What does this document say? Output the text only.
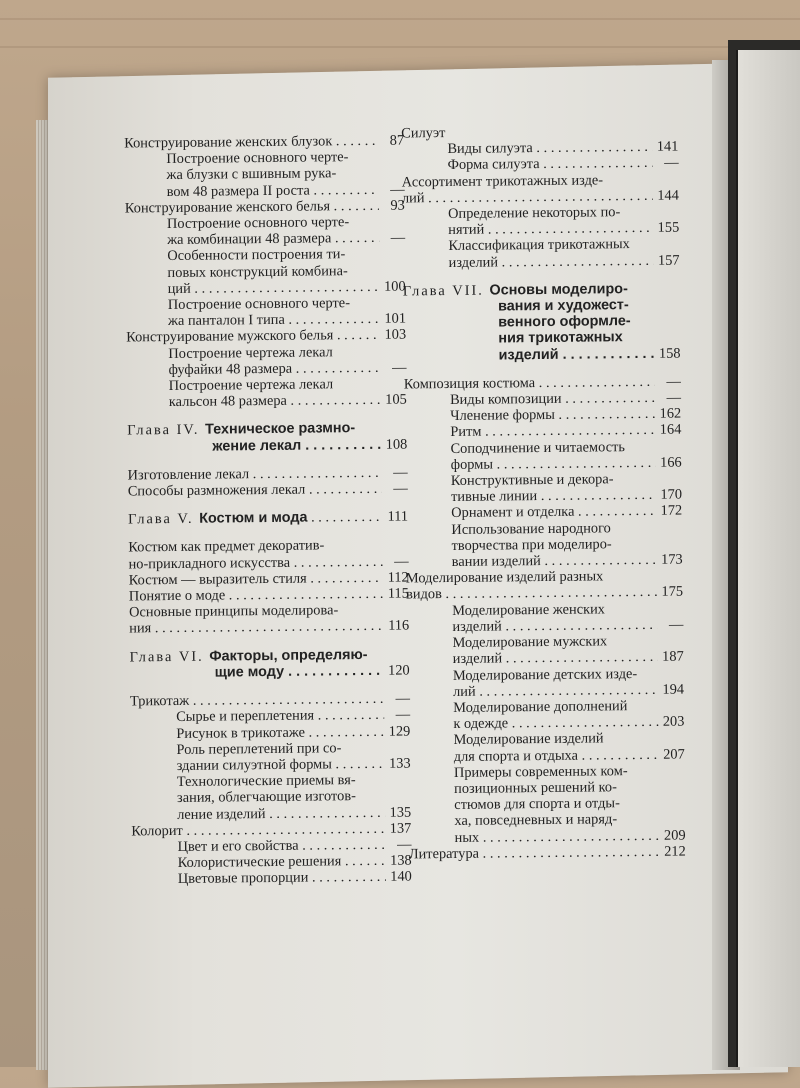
Конструирование женских блузок . . .	87
Построение основного черте-
жа блузки с вшивным рука-
вом 48 размера II роста . . .	—
Конструирование женского белья . . .	93
Построение основного черте-
жа комбинации 48 размера . . .	—
Особенности построения ти-
повых конструкций комбина-
ций . . .	100
Построение основного черте-
жа панталон I типа . . .	101
Конструирование мужского белья . . .	103
Построение чертежа лекал
фуфайки 48 размера . . .	—
Построение чертежа лекал
кальсон 48 размера . . .	105
Глава IV. Техническое размно-
жение лекал . . .	108
Изготовление лекал . . .	—
Способы размножения лекал . . .	—
Глава V. Костюм и мода . . .	111
Костюм как предмет декоратив-
но-прикладного искусства . . .	—
Костюм — выразитель стиля . . .	112
Понятие о моде . . .	115
Основные принципы моделирова-
ния . . .	116
Глава VI. Факторы, определяю-
щие моду . . .	120
Трикотаж . . .	—
Сырье и переплетения . . .	—
Рисунок в трикотаже . . .	129
Роль переплетений при со-
здании силуэтной формы . . .	133
Технологические приемы вя-
зания, облегчающие изготов-
ление изделий . . .	135
Колорит . . .	137
Цвет и его свойства . . .	—
Колористические решения . . .	138
Цветовые пропорции . . .	140
Силуэт
Виды силуэта . . .	141
Форма силуэта . . .	—
Ассортимент трикотажных изде-
лий . . .	144
Определение некоторых по-
нятий . . .	155
Классификация трикотажных
изделий . . .	157
Глава VII. Основы моделиро-
вания и художест-
венного оформле-
ния трикотажных
изделий . . .	158
Композиция костюма . . .	—
Виды композиции . . .	—
Членение формы . . .	162
Ритм . . .	164
Соподчинение и читаемость
формы . . .	166
Конструктивные и декора-
тивные линии . . .	170
Орнамент и отделка . . .	172
Использование народного
творчества при моделиро-
вании изделий . . .	173
Моделирование изделий разных
видов . . .	175
Моделирование женских
изделий . . .	—
Моделирование мужских
изделий . . .	187
Моделирование детских изде-
лий . . .	194
Моделирование дополнений
к одежде . . .	203
Моделирование изделий
для спорта и отдыха . . .	207
Примеры современных ком-
позиционных решений ко-
стюмов для спорта и отды-
ха, повседневных и наряд-
ных . . .	209
Литература . . .	212
